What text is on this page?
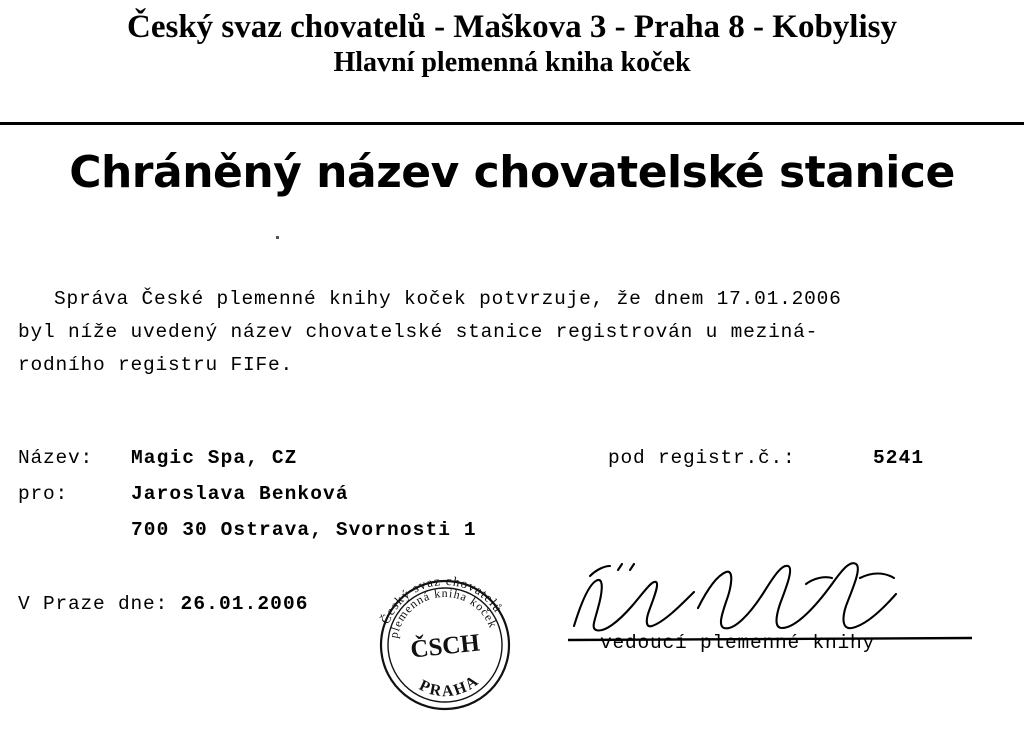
Český svaz chovatelů - Maškova 3 - Praha 8 - Kobylisy
Hlavní plemenná kniha koček
Chráněný název chovatelské stanice
Správa České plemenné knihy koček potvrzuje, že dnem 17.01.2006
byl níže uvedený název chovatelské stanice registrován u meziná-
rodního registru FIFe.
Název: Magic Spa, CZ	pod registr.č.:	5241
pro:	Jaroslava Benková
700 30 Ostrava, Svornosti 1
V Praze dne: 26.01.2006
Český svaz chovatelů
plemenná kniha koček
ČSCH
PRAHA
vedoucí plemenné knihy
